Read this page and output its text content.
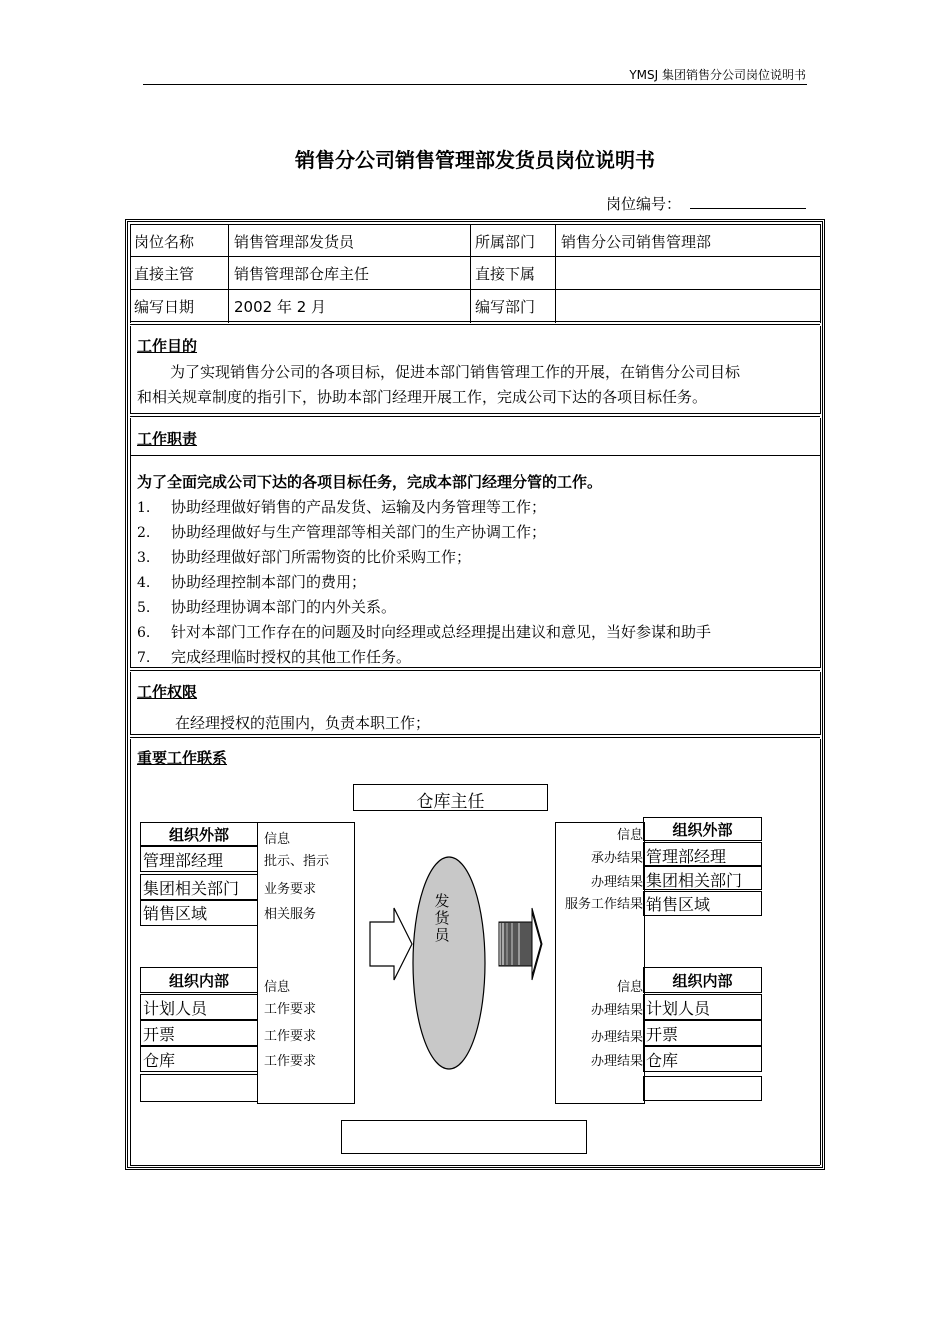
YMSJ 集团销售分公司岗位说明书
销售分公司销售管理部发货员岗位说明书
岗位编号：
岗位名称	销售管理部发货员	所属部门 销售分公司销售管理部
直接主管	销售管理部仓库主任	直接下属
编写日期	2002 年 2 月	编写部门
工作目的
为了实现销售分公司的各项目标，促进本部门销售管理工作的开展，在销售分公司目标
和相关规章制度的指引下，协助本部门经理开展工作，完成公司下达的各项目标任务。
工作职责
为了全面完成公司下达的各项目标任务，完成本部门经理分管的工作。
1. 协助经理做好销售的产品发货、运输及内务管理等工作；
2. 协助经理做好与生产管理部等相关部门的生产协调工作；
3. 协助经理做好部门所需物资的比价采购工作；
4. 协助经理控制本部门的费用；
5. 协助经理协调本部门的内外关系。
6. 针对本部门工作存在的问题及时向经理或总经理提出建议和意见，当好参谋和助手
7. 完成经理临时授权的其他工作任务。
工作权限
在经理授权的范围内，负责本职工作；
重要工作联系
仓库主任
组织外部
管理部经理
集团相关部门
销售区域
信息
批示、指示
业务要求
相关服务
组织内部
计划人员
开票
仓库
信息
工作要求
工作要求
工作要求
发货员
组织外部
管理部经理
集团相关部门
销售区域
信息
承办结果
办理结果
服务工作结果
组织内部
计划人员
开票
仓库
信息
办理结果
办理结果
办理结果
